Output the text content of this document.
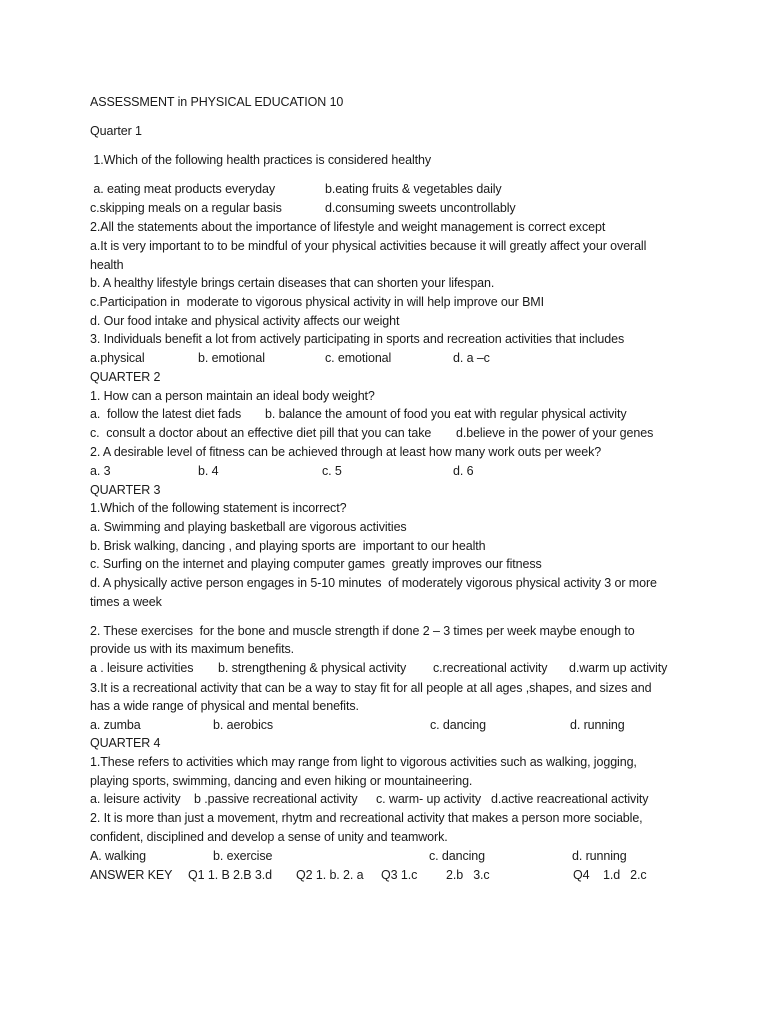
ASSESSMENT in PHYSICAL EDUCATION 10
Quarter 1
1.Which of the following health practices is considered healthy
a. eating meat products everyday	b.eating fruits & vegetables daily
c.skipping meals on a regular basis	d.consuming sweets uncontrollably
2.All the statements about the importance of lifestyle and weight management is correct except
a.It is very important to to be mindful of your physical activities because it will greatly affect your overall
health
b. A healthy lifestyle brings certain diseases that can shorten your lifespan.
c.Participation in  moderate to vigorous physical activity in will help improve our BMI
d. Our food intake and physical activity affects our weight
3. Individuals benefit a lot from actively participating in sports and recreation activities that includes
a.physical	b. emotional	c. emotional	d. a –c
QUARTER 2
1. How can a person maintain an ideal body weight?
a.  follow the latest diet fads b. balance the amount of food you eat with regular physical activity
c.  consult a doctor about an effective diet pill that you can take d.believe in the power of your genes
2. A desirable level of fitness can be achieved through at least how many work outs per week?
a. 3	b. 4	c. 5	d. 6
QUARTER 3
1.Which of the following statement is incorrect?
a. Swimming and playing basketball are vigorous activities
b. Brisk walking, dancing , and playing sports are  important to our health
c. Surfing on the internet and playing computer games  greatly improves our fitness
d. A physically active person engages in 5-10 minutes  of moderately vigorous physical activity 3 or more
times a week
2. These exercises  for the bone and muscle strength if done 2 – 3 times per week maybe enough to
provide us with its maximum benefits.
a . leisure activities b. strengthening & physical activity c.recreational activity d.warm up activity
3.It is a recreational activity that can be a way to stay fit for all people at all ages ,shapes, and sizes and
has a wide range of physical and mental benefits.
a. zumba	b. aerobics	c. dancing	d. running
QUARTER 4
1.These refers to activities which may range from light to vigorous activities such as walking, jogging,
playing sports, swimming, dancing and even hiking or mountaineering.
a. leisure activity b .passive recreational activity c. warm- up activity d.active reacreational activity
2. It is more than just a movement, rhytm and recreational activity that makes a person more sociable,
confident, disciplined and develop a sense of unity and teamwork.
A. walking	b. exercise	c. dancing	d. running
ANSWER KEY Q1 1. B 2.B 3.d Q2 1. b. 2. a Q3 1.c 2.b   3.c	Q4    1.d   2.c
